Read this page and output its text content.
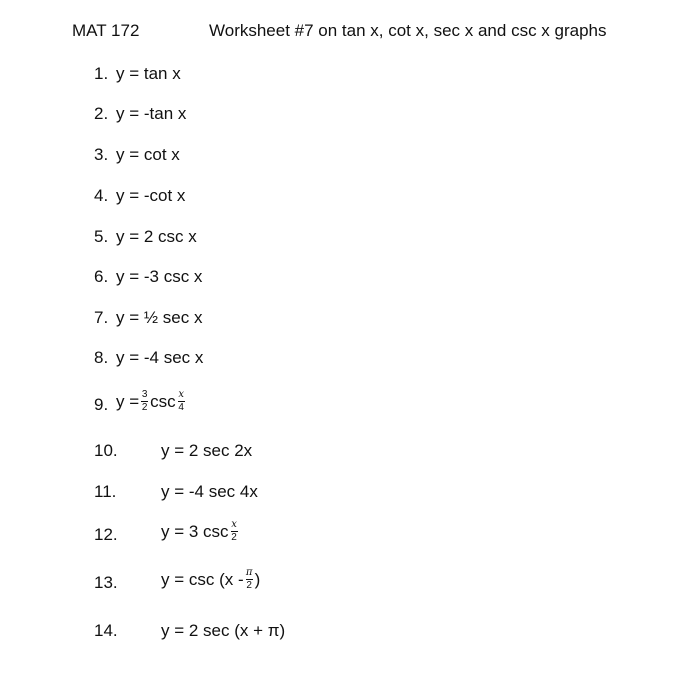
MAT 172	Worksheet #7 on tan x, cot x, sec x and csc x graphs
1. y = tan x
2. y = -tan x
3. y = cot x
4. y = -cot x
5. y = 2 csc x
6. y = -3 csc x
7. y = ½ sec x
8. y = -4 sec x
9. $y = \frac{3}{2}$ $\csc \frac{x}{4}$
10.	y = 2 sec 2x
11.	y = -4 sec 4x
12.	y = 3 $\csc \frac{x}{2}$
13.	$y = \csc (x - \frac{\pi}{2}$ )
14.	y = 2 sec (x + π)
